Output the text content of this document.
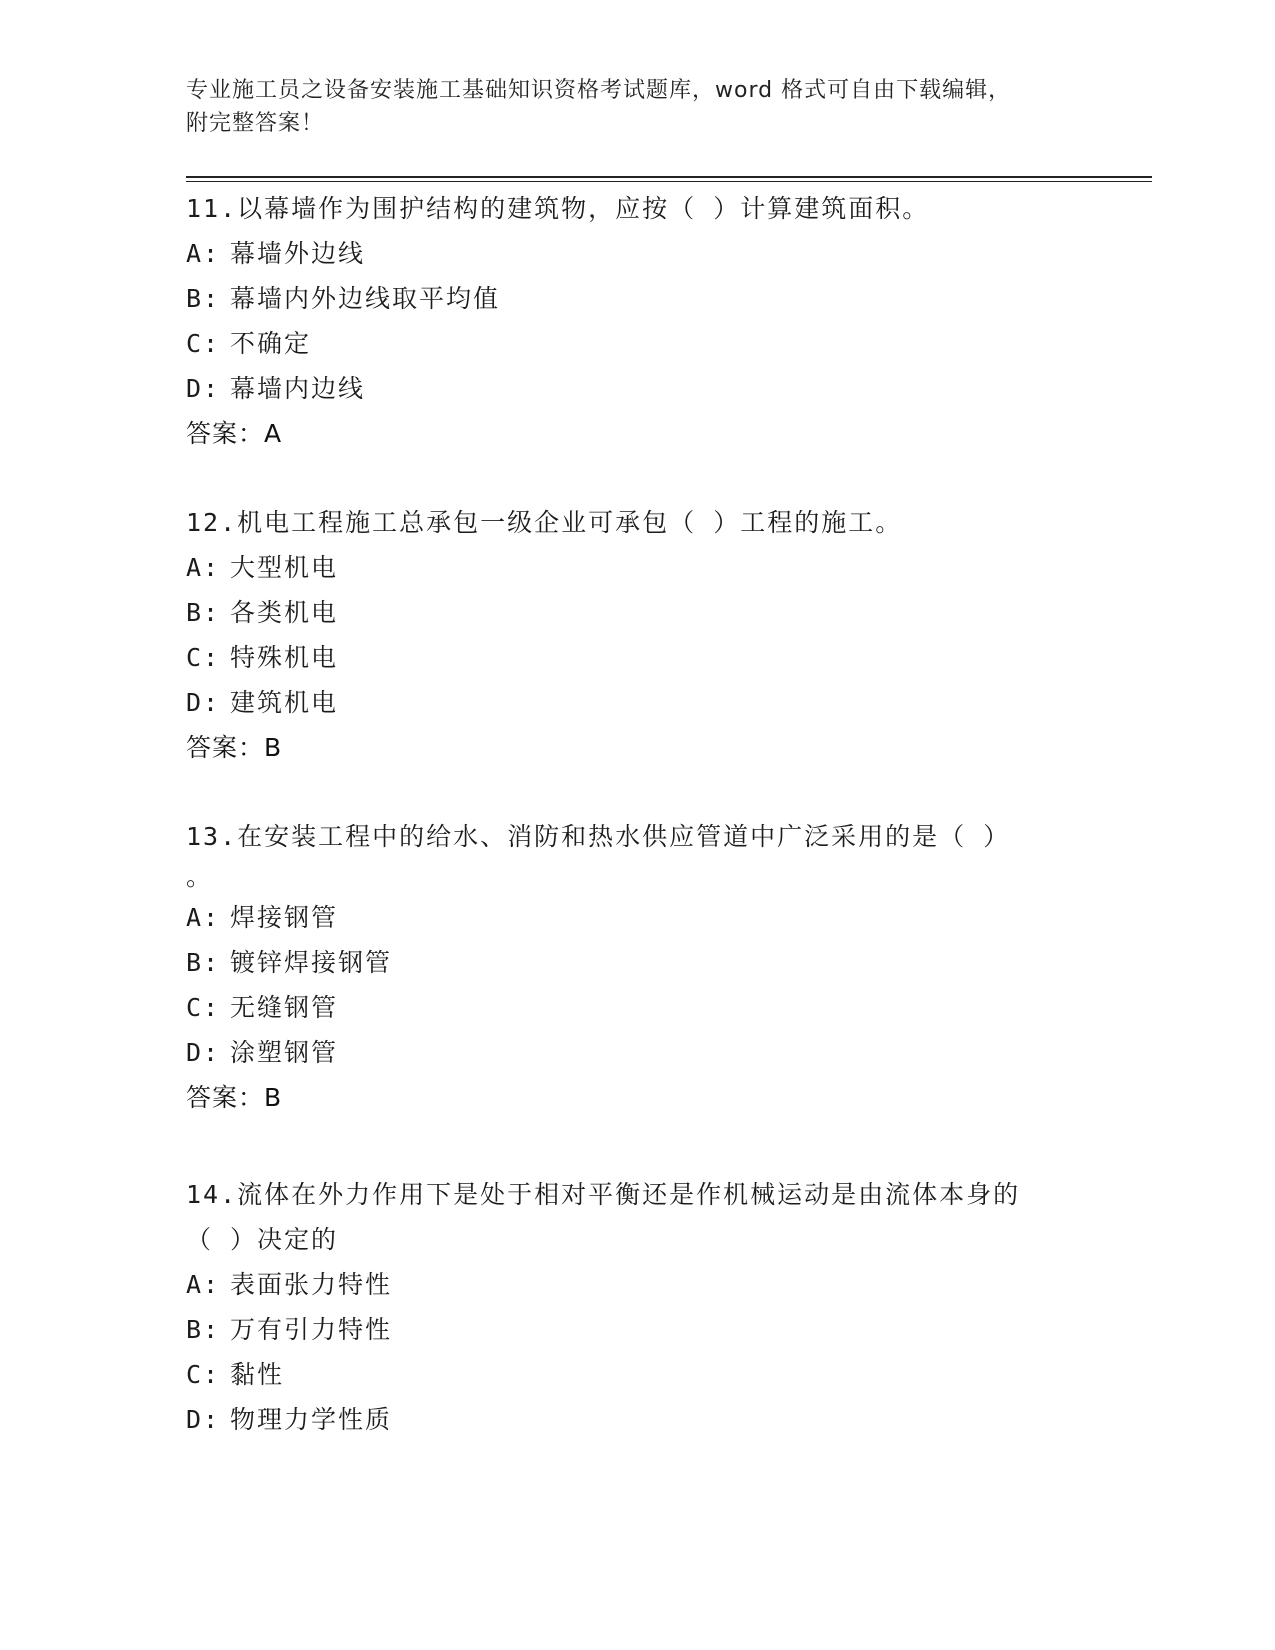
专业施工员之设备安装施工基础知识资格考试题库，word 格式可自由下载编辑，
附完整答案！
11.以幕墙作为围护结构的建筑物，应按（ ）计算建筑面积。
A: 幕墙外边线
B: 幕墙内外边线取平均值
C: 不确定
D: 幕墙内边线
答案：A
12.机电工程施工总承包一级企业可承包（ ）工程的施工。
A: 大型机电
B: 各类机电
C: 特殊机电
D: 建筑机电
答案：B
13.在安装工程中的给水、消防和热水供应管道中广泛采用的是（ ）
。
A: 焊接钢管
B: 镀锌焊接钢管
C: 无缝钢管
D: 涂塑钢管
答案：B
14.流体在外力作用下是处于相对平衡还是作机械运动是由流体本身的
（ ）决定的
A: 表面张力特性
B: 万有引力特性
C: 黏性
D: 物理力学性质
